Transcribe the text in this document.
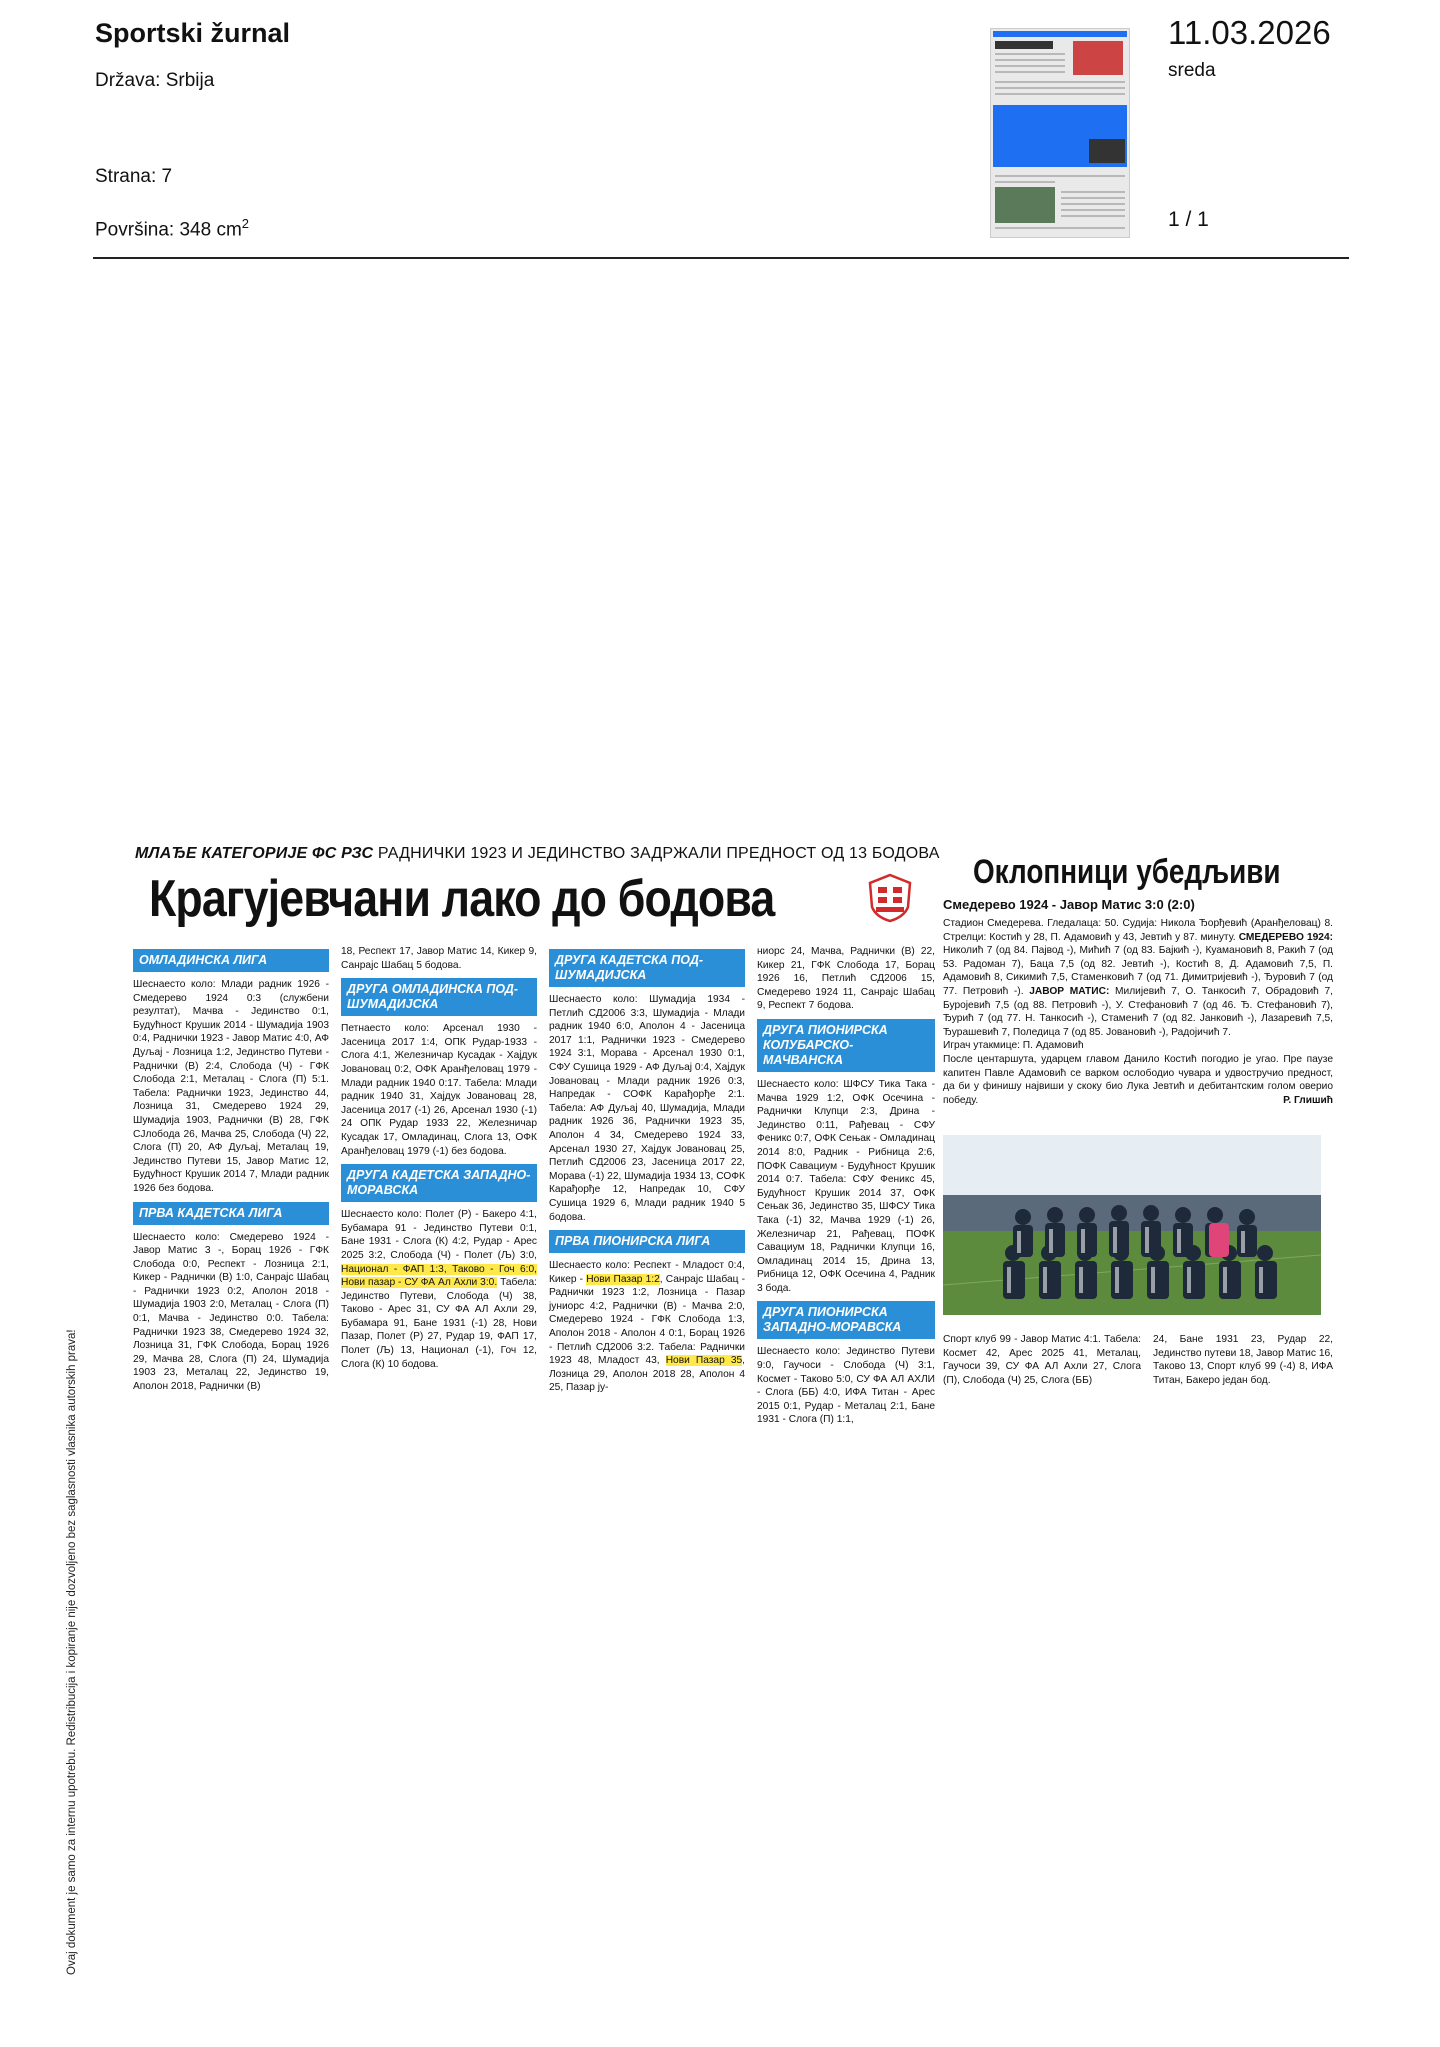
Sportski žurnal
Država: Srbija
Strana: 7
Površina: 348 $cm^2$
11.03.2026
sreda
1 / 1
Ovaj dokument je samo za internu upotrebu. Redistribucija i kopiranje nije dozvoljeno bez saglasnosti vlasnika autorskih prava!
МЛАЂЕ КАТЕГОРИЈЕ ФС РЗС РАДНИЧКИ 1923 И ЈЕДИНСТВО ЗАДРЖАЛИ ПРЕДНОСТ ОД 13 БОДОВА
Крагујевчани лако до бодова
ОМЛАДИНСКА ЛИГА

Шеснаесто коло: Млади радник 1926 - Смедерево 1924 0:3 (службени резултат), Мачва - Јединство 0:1, Будућност Крушик 2014 - Шумадија 1903 0:4, Раднички 1923 - Јавор Матис 4:0, АФ Дуљај - Лозница 1:2, Јединство Путеви - Раднички (В) 2:4, Слобода (Ч) - ГФК Слобода 2:1, Металац - Слога (П) 5:1. Табела: Раднички 1923, Јединство 44, Лозница 31, Смедерево 1924 29, Шумадија 1903, Раднички (В) 28, ГФК СЈлобода 26, Мачва 25, Слобода (Ч) 22, Слога (П) 20, АФ Дуљај, Металац 19, Јединство Путеви 15, Јавор Матис 12, Будућност Крушик 2014 7, Млади радник 1926 без бодова.

ПРВА КАДЕТСКА ЛИГА

Шеснаесто коло: Смедерево 1924 - Јавор Матис 3 -, Борац 1926 - ГФК Слобода 0:0, Респект - Лозница 2:1, Кикер - Раднички (В) 1:0, Санрајс Шабац - Раднички 1923 0:2, Аполон 2018 - Шумадија 1903 2:0, Металац - Слога (П) 0:1, Мачва - Јединство 0:0. Табела: Раднички 1923 38, Смедерево 1924 32, Лозница 31, ГФК Слобода, Борац 1926 29, Мачва 28, Слога (П) 24, Шумадија 1903 23, Металац 22, Јединство 19, Аполон 2018, Раднички (В)

18, Респект 17, Јавор Матис 14, Кикер 9, Санрајс Шабац 5 бодова.

ДРУГА ОМЛАДИНСКА ПОД-ШУМАДИЈСКА

Петнаесто коло: Арсенал 1930 - Јасеница 2017 1:4, ОПК Рудар-1933 - Слога 4:1, Железничар Кусадак - Хајдук Јовановац 0:2, ОФК Аранђеловац 1979 - Млади радник 1940 0:17. Табела: Млади радник 1940 31, Хајдук Јовановац 28, Јасеница 2017 (-1) 26, Арсенал 1930 (-1) 24 ОПК Рудар 1933 22, Железничар Кусадак 17, Омладинац, Слога 13, ОФК Аранђеловац 1979 (-1) без бодова.

ДРУГА КАДЕТСКА ЗАПАДНО-МОРАВСКА

Шеснаесто коло: Полет (Р) - Бакеро 4:1, Бубамара 91 - Јединство Путеви 0:1, Бане 1931 - Слога (К) 4:2, Рудар - Арес 2025 3:2, Слобода (Ч) - Полет (Љ) 3:0, Национал - ФАП 1:3, Таково - Гоч 6:0, Нови пазар - СУ ФА Ал Ахли 3:0. Табела: Јединство Путеви, Слобода (Ч) 38, Таково - Арес 31, СУ ФА АЛ Ахли 29, Бубамара 91, Бане 1931 (-1) 28, Нови Пазар, Полет (Р) 27, Рудар 19, ФАП 17, Полет (Љ) 13, Национал (-1), Гоч 12, Слога (К) 10 бодова.

ДРУГА КАДЕТСКА ПОД-ШУМАДИЈСКА

Шеснаесто коло: Шумадија 1934 - Петлић СД2006 3:3, Шумадија - Млади радник 1940 6:0, Аполон 4 - Јасеница 2017 1:1, Раднички 1923 - Смедерево 1924 3:1, Морава - Арсенал 1930 0:1, СФУ Сушица 1929 - АФ Дуљај 0:4, Хајдук Јовановац - Млади радник 1926 0:3, Напредак - СОФК Карађорђе 2:1. Табела: АФ Дуљај 40, Шумадија, Млади радник 1926 36, Раднички 1923 35, Аполон 4 34, Смедерево 1924 33, Арсенал 1930 27, Хајдук Јовановац 25, Петлић СД2006 23, Јасеница 2017 22, Морава (-1) 22, Шумадија 1934 13, СОФК Карађорђе 12, Напредак 10, СФУ Сушица 1929 6, Млади радник 1940 5 бодова.

ПРВА ПИОНИРСКА ЛИГА

Шеснаесто коло: Респект - Младост 0:4, Кикер - Нови Пазар 1:2, Санрајс Шабац - Раднички 1923 1:2, Лозница - Пазар јуниорс 4:2, Раднички (В) - Мачва 2:0, Смедерево 1924 - ГФК Слобода 1:3, Аполон 2018 - Аполон 4 0:1, Борац 1926 - Петлић СД2006 3:2. Табела: Раднички 1923 48, Младост 43, Нови Пазар 35, Лозница 29, Аполон 2018 28, Аполон 4 25, Пазар ју-

ниорс 24, Мачва, Раднички (В) 22, Кикер 21, ГФК Слобода 17, Борац 1926 16, Петлић СД2006 15, Смедерево 1924 11, Санрајс Шабац 9, Респект 7 бодова.

ДРУГА ПИОНИРСКА КОЛУБАРСКО-МАЧВАНСКА

Шеснаесто коло: ШФСУ Тика Така - Мачва 1929 1:2, ОФК Осечина - Раднички Клупци 2:3, Дрина - Јединство 0:11, Рађевац - СФУ Феникс 0:7, ОФК Сењак - Омладинац 2014 8:0, Радник - Рибница 2:6, ПОФК Савациум - Будућност Крушик 2014 0:7. Табела: СФУ Феникс 45, Будућност Крушик 2014 37, ОФК Сењак 36, Јединство 35, ШФСУ Тика Така (-1) 32, Мачва 1929 (-1) 26, Железничар 21, Рађевац, ПОФК Савациум 18, Раднички Клупци 16, Омладинац 2014 15, Дрина 13, Рибница 12, ОФК Осечина 4, Радник 3 бода.

ДРУГА ПИОНИРСКА ЗАПАДНО-МОРАВСКА

Шеснаесто коло: Јединство Путеви 9:0, Гаучоси - Слобода (Ч) 3:1, Космет - Таково 5:0, СУ ФА АЛ АХЛИ - Слога (ББ) 4:0, ИФА Титан - Арес 2015 0:1, Рудар - Металац 2:1, Бане 1931 - Слога (П) 1:1,

Оклопници убедљиви
Смедерево 1924 - Јавор Матис 3:0 (2:0)
Стадион Смедерева. Гледалаца: 50. Судија: Никола Ђорђевић (Аранђеловац) 8. Стрелци: Костић у 28, П. Адамовић у 43, Јевтић у 87. минуту. СМЕДЕРЕВО 1924: Николић 7 (од 84. Пајвод -), Мићић 7 (од 83. Бајкић -), Куамановић 8, Ракић 7 (од 53. Радоман 7), Баца 7,5 (од 82. Јевтић -), Костић 8, Д. Адамовић 7,5, П. Адамовић 8, Сикимић 7,5, Стаменковић 7 (од 71. Димитријевић -), Ђуровић 7 (од 77. Петровић -). ЈАВОР МАТИС: Милијевић 7, О. Танкосић 7, Обрадовић 7, Буројевић 7,5 (од 88. Петровић -), У. Стефановић 7 (од 46. Ђ. Стефановић 7), Ђурић 7 (од 77. Н. Танкосић -), Стаменић 7 (од 82. Јанковић -), Лазаревић 7,5, Ђурашевић 7, Поледица 7 (од 85. Јовановић -), Радојичић 7.
Играч утакмице: П. Адамовић
После центаршута, ударцем главом Данило Костић погодио је угао. Пре паузе капитен Павле Адамовић се варком ослободио чувара и удвостручио предност, да би у финишу највиши у скоку био Лука Јевтић и дебитантским голом оверио победу.	Р. Глишић
Спорт клуб 99 - Јавор Матис 4:1. Табела: Космет 42, Арес 2025 41, Металац, Гаучоси 39, СУ ФА АЛ Ахли 27, Слога (П), Слобода (Ч) 25, Слога (ББ)
24, Бане 1931 23, Рудар 22, Јединство путеви 18, Јавор Матис 16, Таково 13, Спорт клуб 99 (-4) 8, ИФА Титан, Бакеро један бод.
